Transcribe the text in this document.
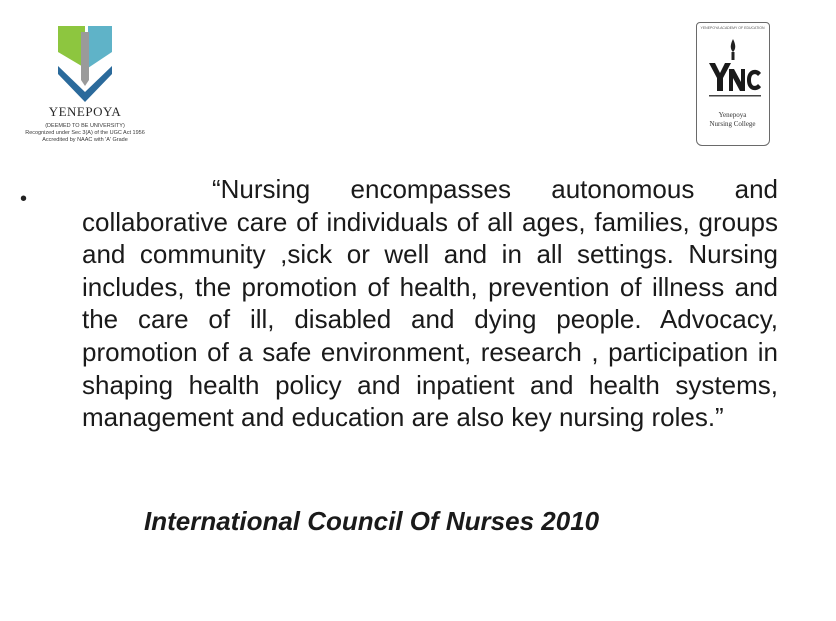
YENEPOYA
(DEEMED TO BE UNIVERSITY)
Recognized under Sec 3(A) of the UGC Act 1956
Accredited by NAAC with 'A' Grade
YENEPOYA ACADEMY OF EDUCATION
Yenepoya
Nursing College
•	“Nursing encompasses autonomous and collaborative care of individuals of all ages, families, groups and community ,sick or well and in all settings. Nursing includes, the promotion of health, prevention of illness and the care of ill, disabled and dying people. Advocacy, promotion of a safe environment, research , participation in shaping health policy and inpatient and health systems, management and education are also key nursing roles.”

International Council Of Nurses 2010
